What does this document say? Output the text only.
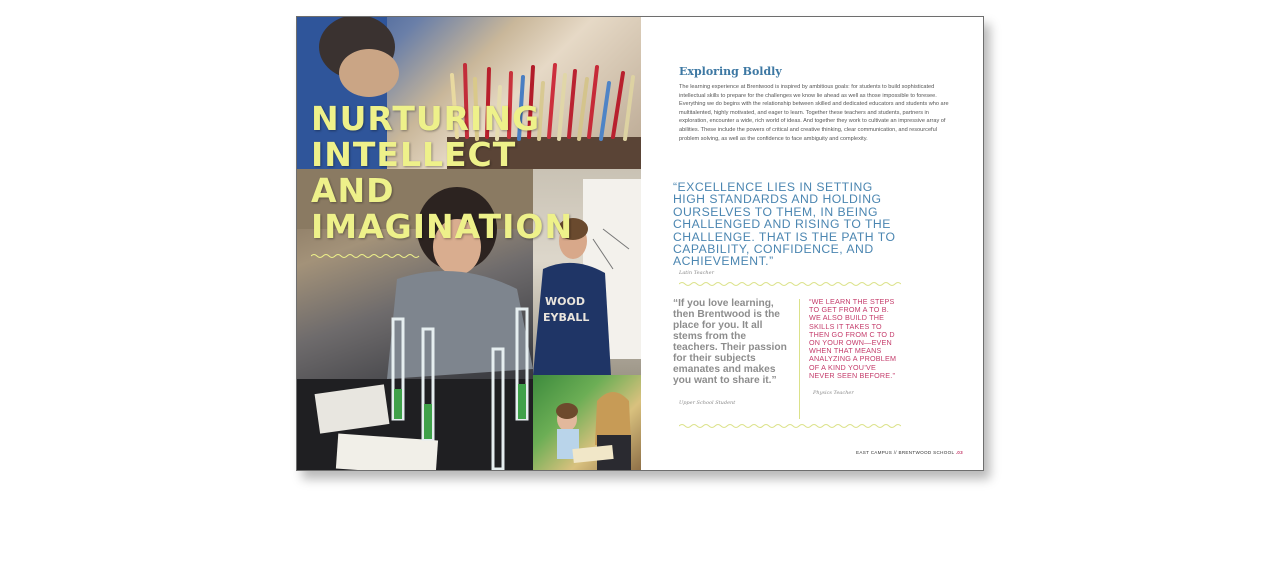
WOOD
EYBALL
NURTURING
INTELLECT
AND
IMAGINATION
Exploring Boldly

The learning experience at Brentwood is inspired by ambitious goals: for students to build sophisticated intellectual skills to prepare for the challenges we know lie ahead as well as those impossible to foresee. Everything we do begins with the relationship between skilled and dedicated educators and students who are multitalented, highly motivated, and eager to learn. Together these teachers and students, partners in exploration, encounter a wide, rich world of ideas. And together they work to cultivate an impressive array of abilities. These include the powers of critical and creative thinking, clear communication, and resourceful problem solving, as well as the confidence to face ambiguity and complexity.

“EXCELLENCE LIES IN SETTING HIGH STANDARDS AND HOLDING OURSELVES TO THEM, IN BEING CHALLENGED AND RISING TO THE CHALLENGE. THAT IS THE PATH TO CAPABILITY, CONFIDENCE, AND ACHIEVEMENT.”

Latin Teacher

“If you love learning, then Brentwood is the place for you. It all stems from the teachers. Their passion for their subjects emanates and makes you want to share it.”

Upper School Student

“WE LEARN THE STEPS TO GET FROM A TO B. WE ALSO BUILD THE SKILLS IT TAKES TO THEN GO FROM C TO D ON YOUR OWN—EVEN WHEN THAT MEANS ANALYZING A PROBLEM OF A KIND YOU’VE NEVER SEEN BEFORE.”

Physics Teacher

EAST CAMPUS // BRENTWOOD SCHOOL .03
